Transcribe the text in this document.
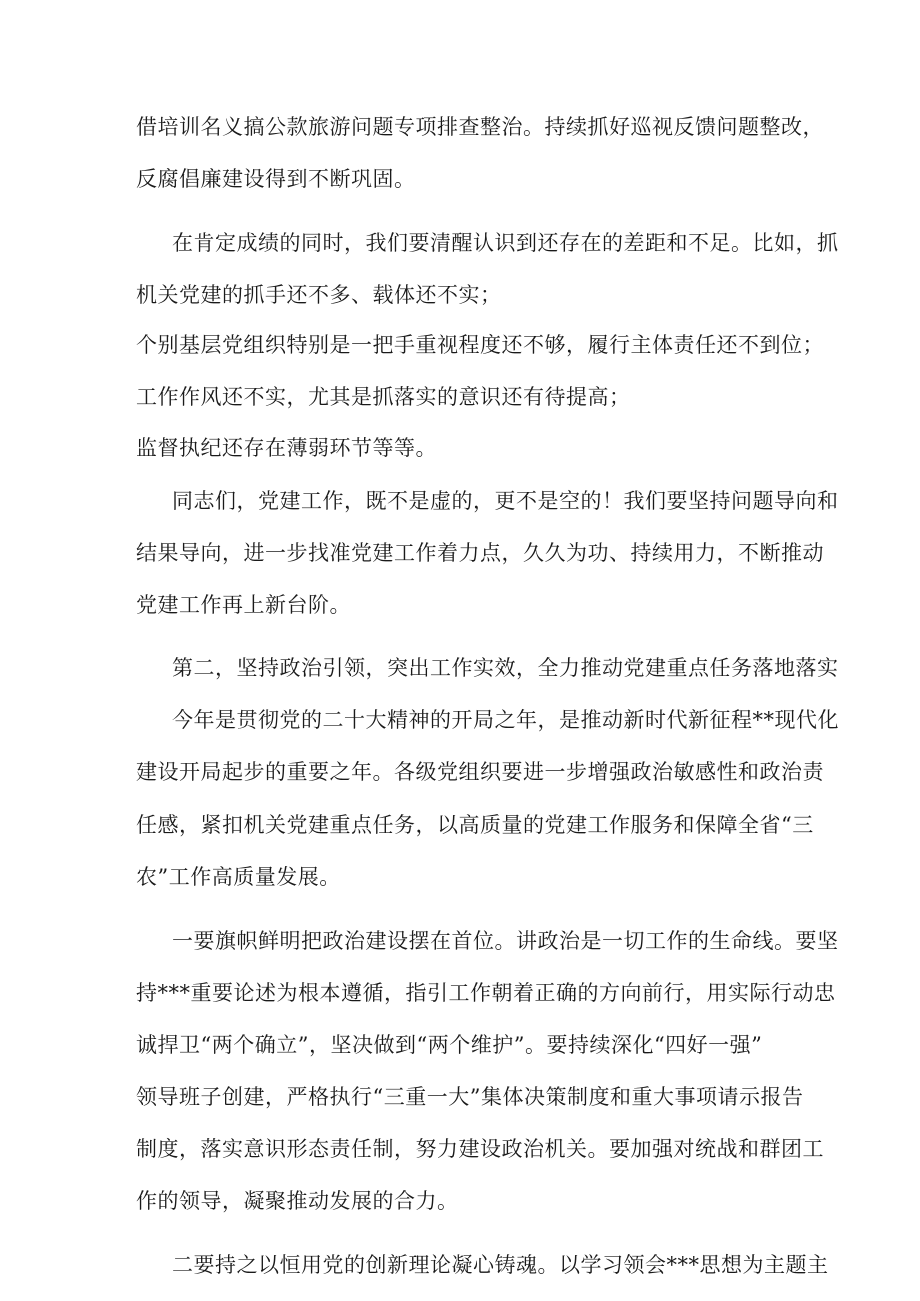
借培训名义搞公款旅游问题专项排查整治。持续抓好巡视反馈问题整改，

反腐倡廉建设得到不断巩固。

在肯定成绩的同时，我们要清醒认识到还存在的差距和不足。比如，抓

机关党建的抓手还不多、载体还不实；

个别基层党组织特别是一把手重视程度还不够，履行主体责任还不到位；

工作作风还不实，尤其是抓落实的意识还有待提高；

监督执纪还存在薄弱环节等等。

同志们，党建工作，既不是虚的，更不是空的！我们要坚持问题导向和

结果导向，进一步找准党建工作着力点，久久为功、持续用力，不断推动

党建工作再上新台阶。

第二，坚持政治引领，突出工作实效，全力推动党建重点任务落地落实

今年是贯彻党的二十大精神的开局之年，是推动新时代新征程**现代化

建设开局起步的重要之年。各级党组织要进一步增强政治敏感性和政治责

任感，紧扣机关党建重点任务，以高质量的党建工作服务和保障全省“三

农”工作高质量发展。

一要旗帜鲜明把政治建设摆在首位。讲政治是一切工作的生命线。要坚

持***重要论述为根本遵循，指引工作朝着正确的方向前行，用实际行动忠

诚捍卫“两个确立”，坚决做到“两个维护”。要持续深化“四好一强”

领导班子创建，严格执行“三重一大”集体决策制度和重大事项请示报告

制度，落实意识形态责任制，努力建设政治机关。要加强对统战和群团工

作的领导，凝聚推动发展的合力。

二要持之以恒用党的创新理论凝心铸魂。以学习领会***思想为主题主
